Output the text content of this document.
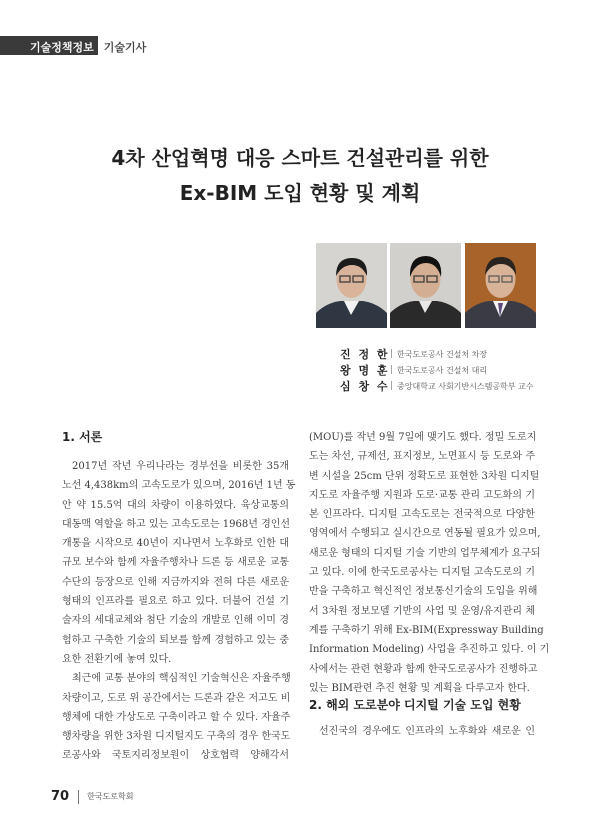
기술정책정보 기술기사
4차 산업혁명 대응 스마트 건설관리를 위한
Ex-BIM 도입 현황 및 계획
진 정 한 | 한국도로공사 건설처 차장
왕 명 훈 | 한국도로공사 건설처 대리
심 창 수 | 중앙대학교 사회기반시스템공학부 교수
1. 서론

2017년 작년 우리나라는 경부선을 비롯한 35개

노선 4,438km의 고속도로가 있으며, 2016년 1년 동

안 약 15.5억 대의 차량이 이용하였다. 육상교통의

대동맥 역할을 하고 있는 고속도로는 1968년 경인선

개통을 시작으로 40년이 지나면서 노후화로 인한 대

규모 보수와 함께 자율주행차나 드론 등 새로운 교통

수단의 등장으로 인해 지금까지와 전혀 다른 새로운

형태의 인프라를 필요로 하고 있다. 더불어 건설 기

술자의 세대교체와 첨단 기술의 개발로 인해 이미 경

험하고 구축한 기술의 퇴보를 함께 경험하고 있는 중

요한 전환기에 놓여 있다.

최근에 교통 분야의 핵심적인 기술혁신은 자율주행

차량이고, 도로 위 공간에서는 드론과 같은 저고도 비

행체에 대한 가상도로 구축이라고 할 수 있다. 자율주

행차량을 위한 3차원 디지털지도 구축의 경우 한국도

로공사와 국토지리정보원이 상호협력 양해각서

(MOU)를 작년 9월 7일에 맺기도 했다. 정밀 도로지

도는 차선, 규제선, 표지정보, 노면표시 등 도로와 주

변 시설을 25cm 단위 정확도로 표현한 3차원 디지털

지도로 자율주행 지원과 도로·교통 관리 고도화의 기

본 인프라다. 디지털 고속도로는 전국적으로 다양한

영역에서 수행되고 실시간으로 연동될 필요가 있으며,

새로운 형태의 디지털 기술 기반의 업무체계가 요구되

고 있다. 이에 한국도로공사는 디지털 고속도로의 기

반을 구축하고 혁신적인 정보통신기술의 도입을 위해

서 3차원 정보모델 기반의 사업 및 운영/유지관리 체

계를 구축하기 위해 Ex-BIM(Expressway Building

Information Modeling) 사업을 추진하고 있다. 이 기

사에서는 관련 현황과 함께 한국도로공사가 진행하고

있는 BIM관련 추진 현황 및 계획을 다루고자 한다.

2. 해외 도로분야 디지털 기술 도입 현황

선진국의 경우에도 인프라의 노후화와 새로운 인

70 한국도로학회
